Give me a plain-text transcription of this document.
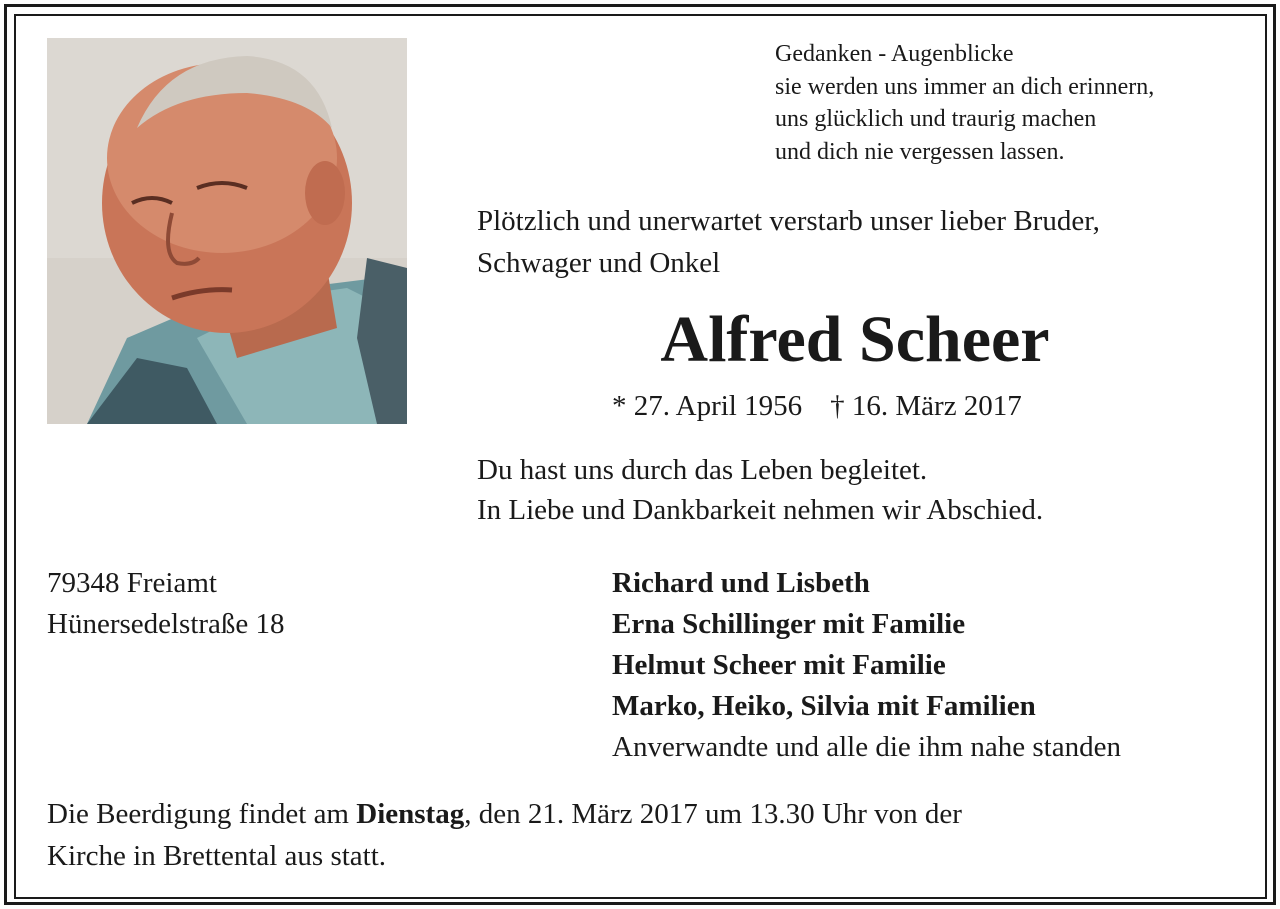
Gedanken - Augenblicke
sie werden uns immer an dich erinnern,
uns glücklich und traurig machen
und dich nie vergessen lassen.
Plötzlich und unerwartet verstarb unser lieber Bruder,
Schwager und Onkel
Alfred Scheer
* 27. April 1956 † 16. März 2017
Du hast uns durch das Leben begleitet.
In Liebe und Dankbarkeit nehmen wir Abschied.
79348 Freiamt
Hünersedelstraße 18
Richard und Lisbeth
Erna Schillinger mit Familie
Helmut Scheer mit Familie
Marko, Heiko, Silvia mit Familien
Anverwandte und alle die ihm nahe standen
Die Beerdigung findet am Dienstag, den 21. März 2017 um 13.30 Uhr von der
Kirche in Brettental aus statt.
